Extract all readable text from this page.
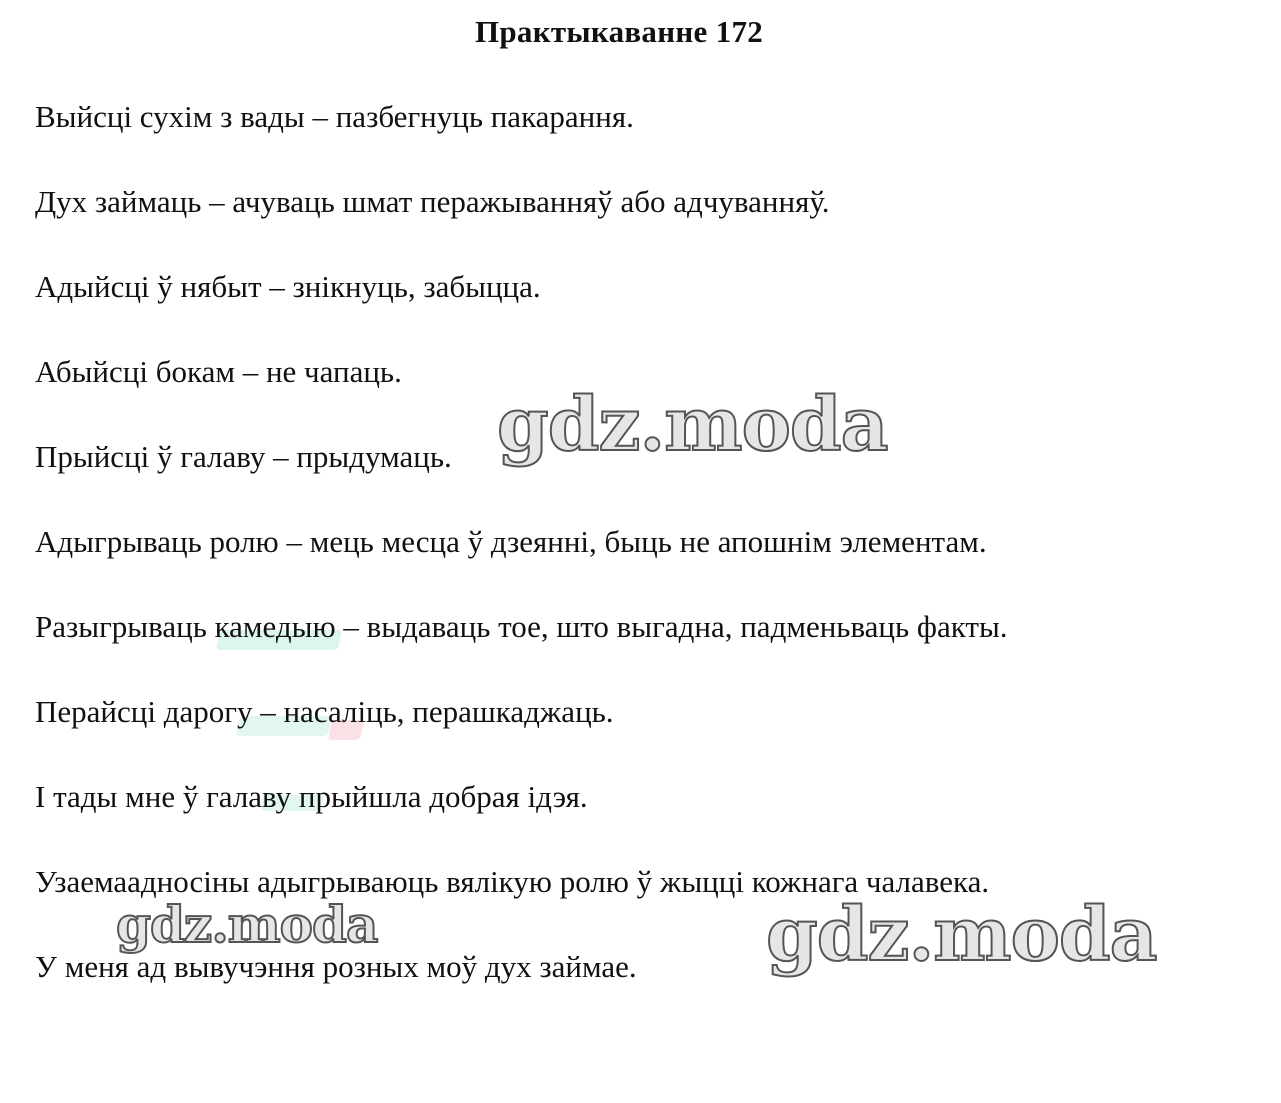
Практыкаванне 172
Выйсці сухім з вады – пазбегнуць пакарання.
Дух займаць – ачуваць шмат перажыванняў або адчуванняў.
Адыйсці ў нябыт – знікнуць, забыцца.
Абыйсці бокам – не чапаць.
Прыйсці ў галаву – прыдумаць.
Адыгрываць ролю – мець месца ў дзеянні, быць не апошнім элементам.
Разыгрываць камедыю – выдаваць тое, што выгадна, падменьваць факты.
Перайсці дарогу – насаліць, перашкаджаць.
І тады мне ў галаву прыйшла добрая ідэя.
Узаемаадносіны адыгрываюць вялікую ролю ў жыцці кожнага чалавека.
У меня ад вывучэння розных моў дух займае.
gdz.moda
gdz.moda	gdz.moda
